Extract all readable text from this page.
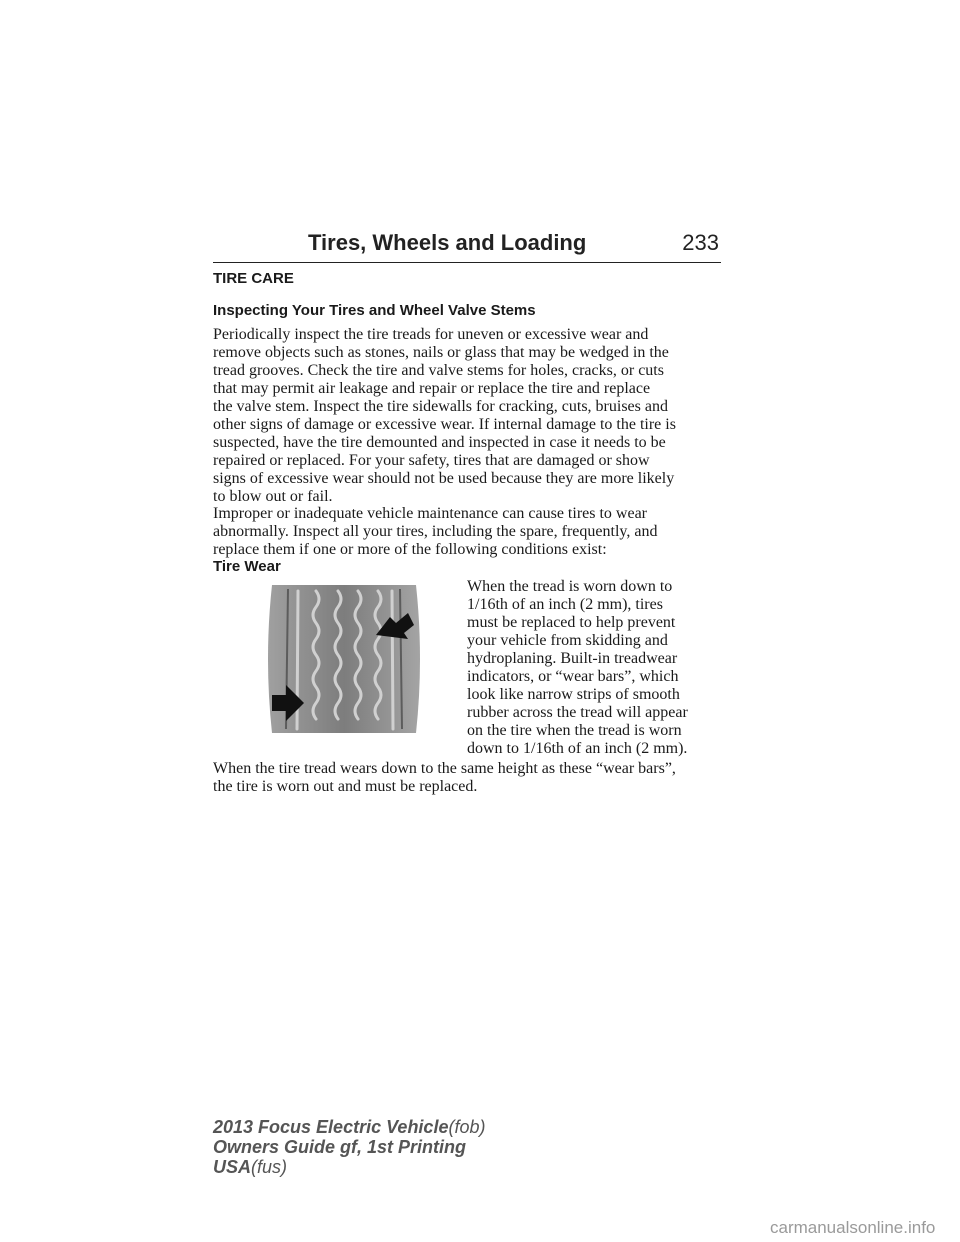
Tires, Wheels and Loading	233
TIRE CARE
Inspecting Your Tires and Wheel Valve Stems
Periodically inspect the tire treads for uneven or excessive wear and
remove objects such as stones, nails or glass that may be wedged in the
tread grooves. Check the tire and valve stems for holes, cracks, or cuts
that may permit air leakage and repair or replace the tire and replace
the valve stem. Inspect the tire sidewalls for cracking, cuts, bruises and
other signs of damage or excessive wear. If internal damage to the tire is
suspected, have the tire demounted and inspected in case it needs to be
repaired or replaced. For your safety, tires that are damaged or show
signs of excessive wear should not be used because they are more likely
to blow out or fail.
Improper or inadequate vehicle maintenance can cause tires to wear
abnormally. Inspect all your tires, including the spare, frequently, and
replace them if one or more of the following conditions exist:
Tire Wear
When the tread is worn down to
1/16th of an inch (2 mm), tires
must be replaced to help prevent
your vehicle from skidding and
hydroplaning. Built-in treadwear
indicators, or “wear bars”, which
look like narrow strips of smooth
rubber across the tread will appear
on the tire when the tread is worn
down to 1/16th of an inch (2 mm).
When the tire tread wears down to the same height as these “wear bars”,
the tire is worn out and must be replaced.
2013 Focus Electric Vehicle(fob)
Owners Guide gf, 1st Printing
USA(fus)
carmanualsonline.info
